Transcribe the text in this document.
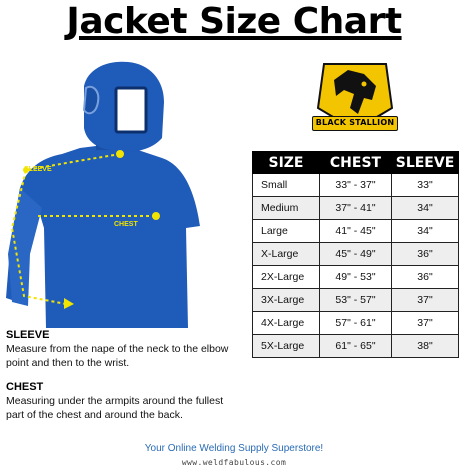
Jacket Size Chart
SLEEVE
CHEST
BLACK STALLION
SIZE	CHEST	SLEEVE
Small	33" - 37"	33"
Medium	37" - 41"	34"
Large	41" - 45"	34"
X-Large	45" - 49"	36"
2X-Large	49" - 53"	36"
3X-Large	53" - 57"	37"
4X-Large	57" - 61"	37"
5X-Large	61" - 65"	38"
SLEEVE
Measure from the nape of the neck to the elbow point and then to the wrist.
CHEST
Measuring under the armpits around the fullest part of the chest and around the back.
Your Online Welding Supply Superstore!
www.weldfabulous.com
